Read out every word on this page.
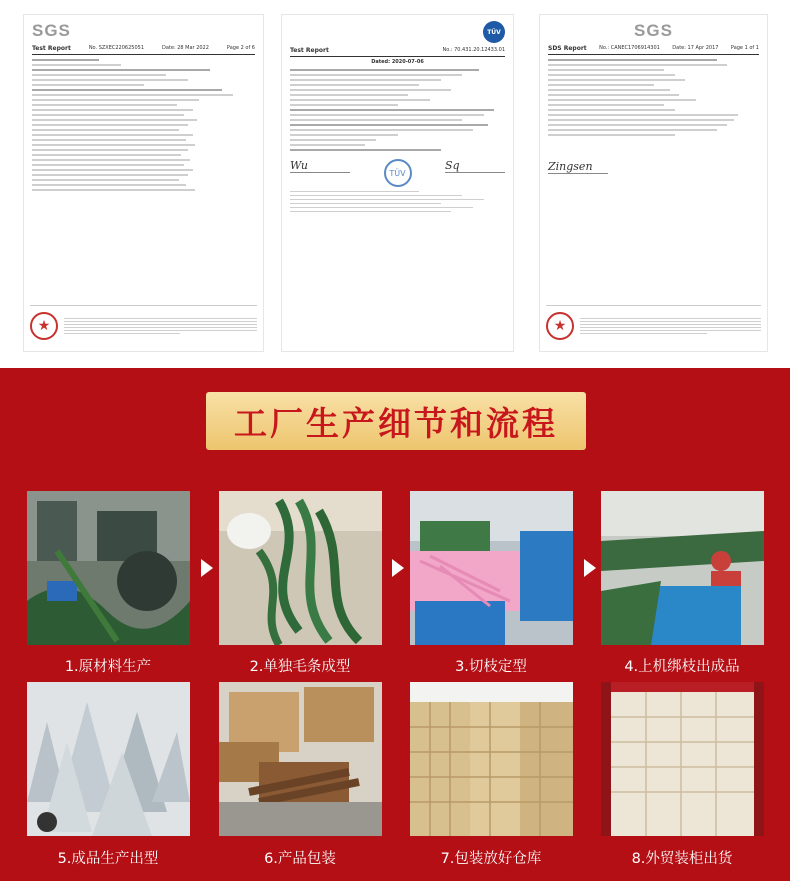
SGS
Test Report	No. SZXEC220625051	Date: 28 Mar 2022	Page 2 of 6
★
TÜV
Test Report	No.: 70.431.20.12433.01
Dated: 2020-07-06
Wu
TÜV
Sq
SGS
SDS Report No.: CANEC1706914301 Date: 17 Apr 2017 Page 1 of 1
Zingsen
★
工厂生产细节和流程
1.原材料生产	2.单独毛条成型	3.切枝定型	4.上机绑枝出成品
5.成品生产出型	6.产品包装	7.包装放好仓库	8.外贸装柜出货
